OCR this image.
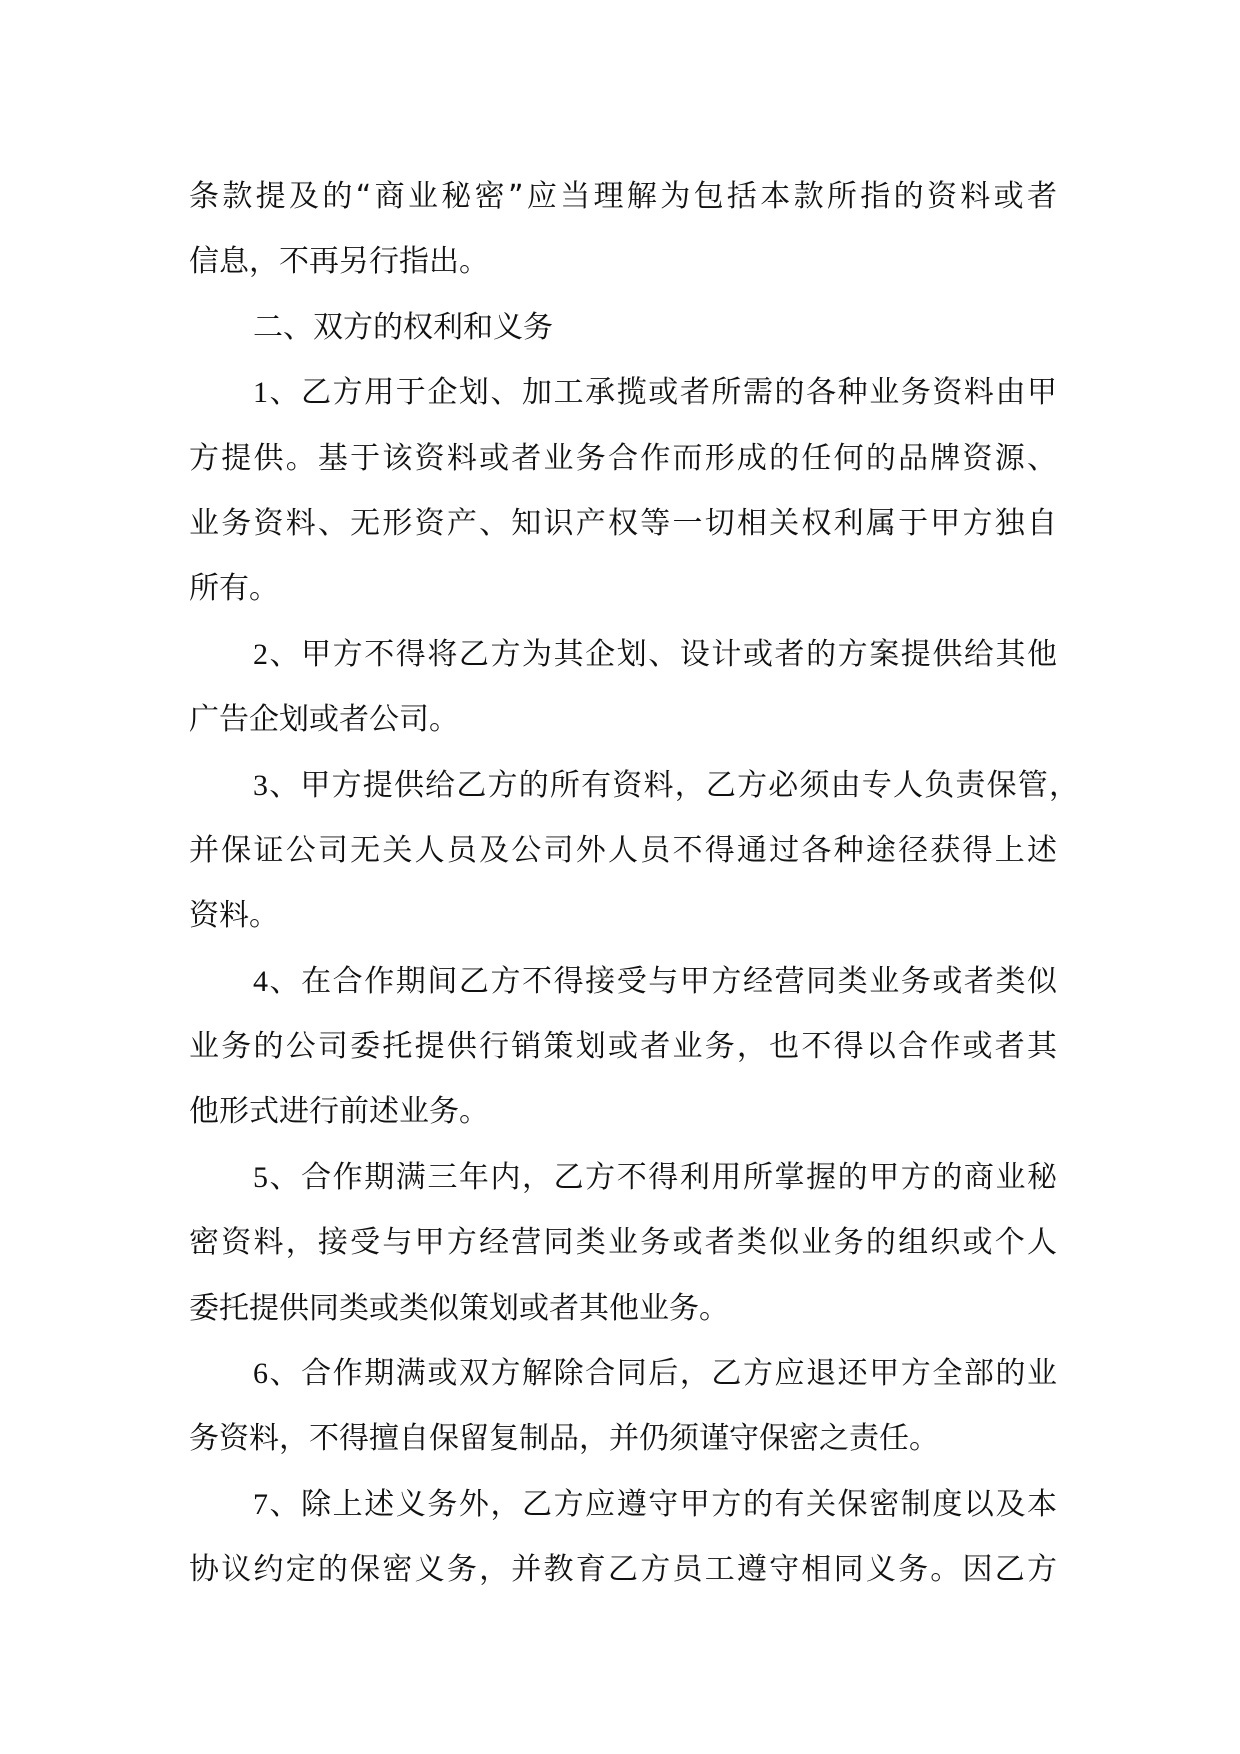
条款提及的“商业秘密”应当理解为包括本款所指的资料或者
信息，不再另行指出。
二、双方的权利和义务
1、乙方用于企划、加工承揽或者所需的各种业务资料由甲
方提供。基于该资料或者业务合作而形成的任何的品牌资源、
业务资料、无形资产、知识产权等一切相关权利属于甲方独自
所有。
2、甲方不得将乙方为其企划、设计或者的方案提供给其他
广告企划或者公司。
3、甲方提供给乙方的所有资料，乙方必须由专人负责保管，
并保证公司无关人员及公司外人员不得通过各种途径获得上述
资料。
4、在合作期间乙方不得接受与甲方经营同类业务或者类似
业务的公司委托提供行销策划或者业务，也不得以合作或者其
他形式进行前述业务。
5、合作期满三年内，乙方不得利用所掌握的甲方的商业秘
密资料，接受与甲方经营同类业务或者类似业务的组织或个人
委托提供同类或类似策划或者其他业务。
6、合作期满或双方解除合同后，乙方应退还甲方全部的业
务资料，不得擅自保留复制品，并仍须谨守保密之责任。
7、除上述义务外，乙方应遵守甲方的有关保密制度以及本
协议约定的保密义务，并教育乙方员工遵守相同义务。因乙方
